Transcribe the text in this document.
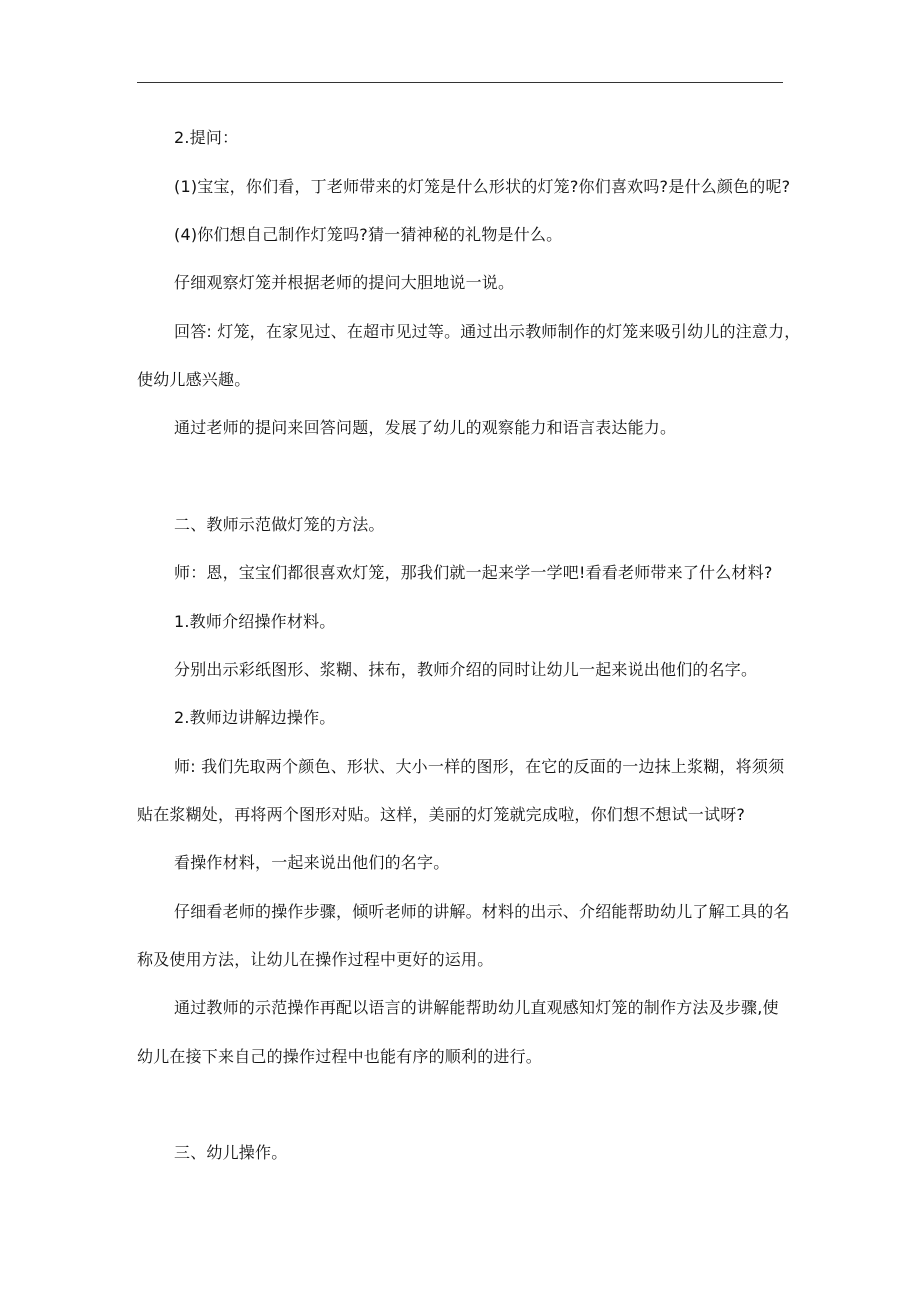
2.提问：
(1)宝宝，你们看，丁老师带来的灯笼是什么形状的灯笼?你们喜欢吗?是什么颜色的呢?
(4)你们想自己制作灯笼吗?猜一猜神秘的礼物是什么。
仔细观察灯笼并根据老师的提问大胆地说一说。
回答: 灯笼，在家见过、在超市见过等。通过出示教师制作的灯笼来吸引幼儿的注意力，
使幼儿感兴趣。
通过老师的提问来回答问题，发展了幼儿的观察能力和语言表达能力。
二、教师示范做灯笼的方法。
师：恩，宝宝们都很喜欢灯笼，那我们就一起来学一学吧!看看老师带来了什么材料?
1.教师介绍操作材料。
分别出示彩纸图形、浆糊、抹布，教师介绍的同时让幼儿一起来说出他们的名字。
2.教师边讲解边操作。
师: 我们先取两个颜色、形状、大小一样的图形，在它的反面的一边抹上浆糊，将须须
贴在浆糊处，再将两个图形对贴。这样，美丽的灯笼就完成啦，你们想不想试一试呀?
看操作材料，一起来说出他们的名字。
仔细看老师的操作步骤，倾听老师的讲解。材料的出示、介绍能帮助幼儿了解工具的名
称及使用方法，让幼儿在操作过程中更好的运用。
通过教师的示范操作再配以语言的讲解能帮助幼儿直观感知灯笼的制作方法及步骤,使
幼儿在接下来自己的操作过程中也能有序的顺利的进行。
三、幼儿操作。
